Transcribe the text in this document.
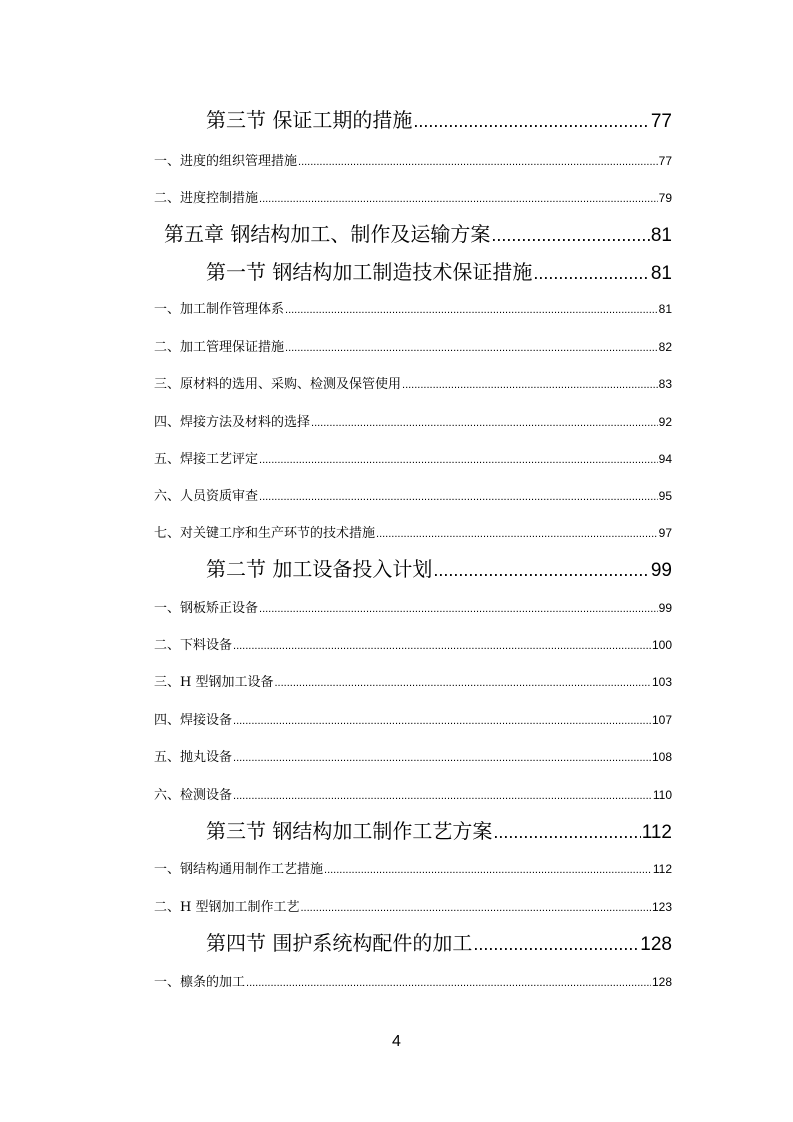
第三节 保证工期的措施 .....	77
一、进度的组织管理措施 .....	77
二、进度控制措施 .....	79
第五章 钢结构加工、制作及运输方案 .....	81
第一节 钢结构加工制造技术保证措施 .....	81
一、加工制作管理体系 .....	81
二、加工管理保证措施 .....	82
三、原材料的选用、采购、检测及保管使用 .....	83
四、焊接方法及材料的选择 .....	92
五、焊接工艺评定 .....	94
六、人员资质审查 .....	95
七、对关键工序和生产环节的技术措施 .....	97
第二节 加工设备投入计划 .....	99
一、钢板矫正设备 .....	99
二、下料设备 .....	100
三、H 型钢加工设备 .....	103
四、焊接设备 .....	107
五、抛丸设备 .....	108
六、检测设备 .....	110
第三节 钢结构加工制作工艺方案 .....	112
一、钢结构通用制作工艺措施 .....	112
二、H 型钢加工制作工艺 .....	123
第四节 围护系统构配件的加工 .....	128
一、檩条的加工 .....	128
4
